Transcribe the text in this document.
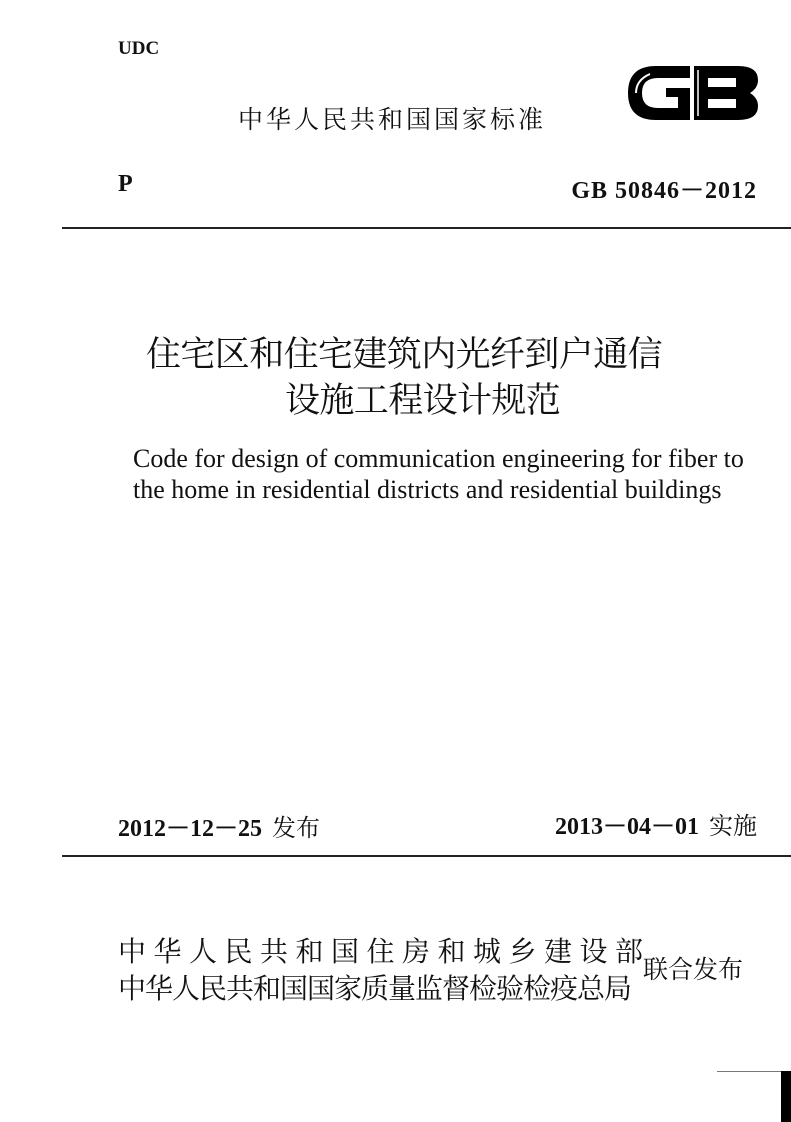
UDC
中华人民共和国国家标准
P	GB 50846－2012
住宅区和住宅建筑内光纤到户通信
设施工程设计规范
Code for design of communication engineering for fiber to
the home in residential districts and residential buildings
2012－12－25 发布	2013－04－01 实施
中华人民共和国住房和城乡建设部
中华人民共和国国家质量监督检验检疫总局
联合发布
